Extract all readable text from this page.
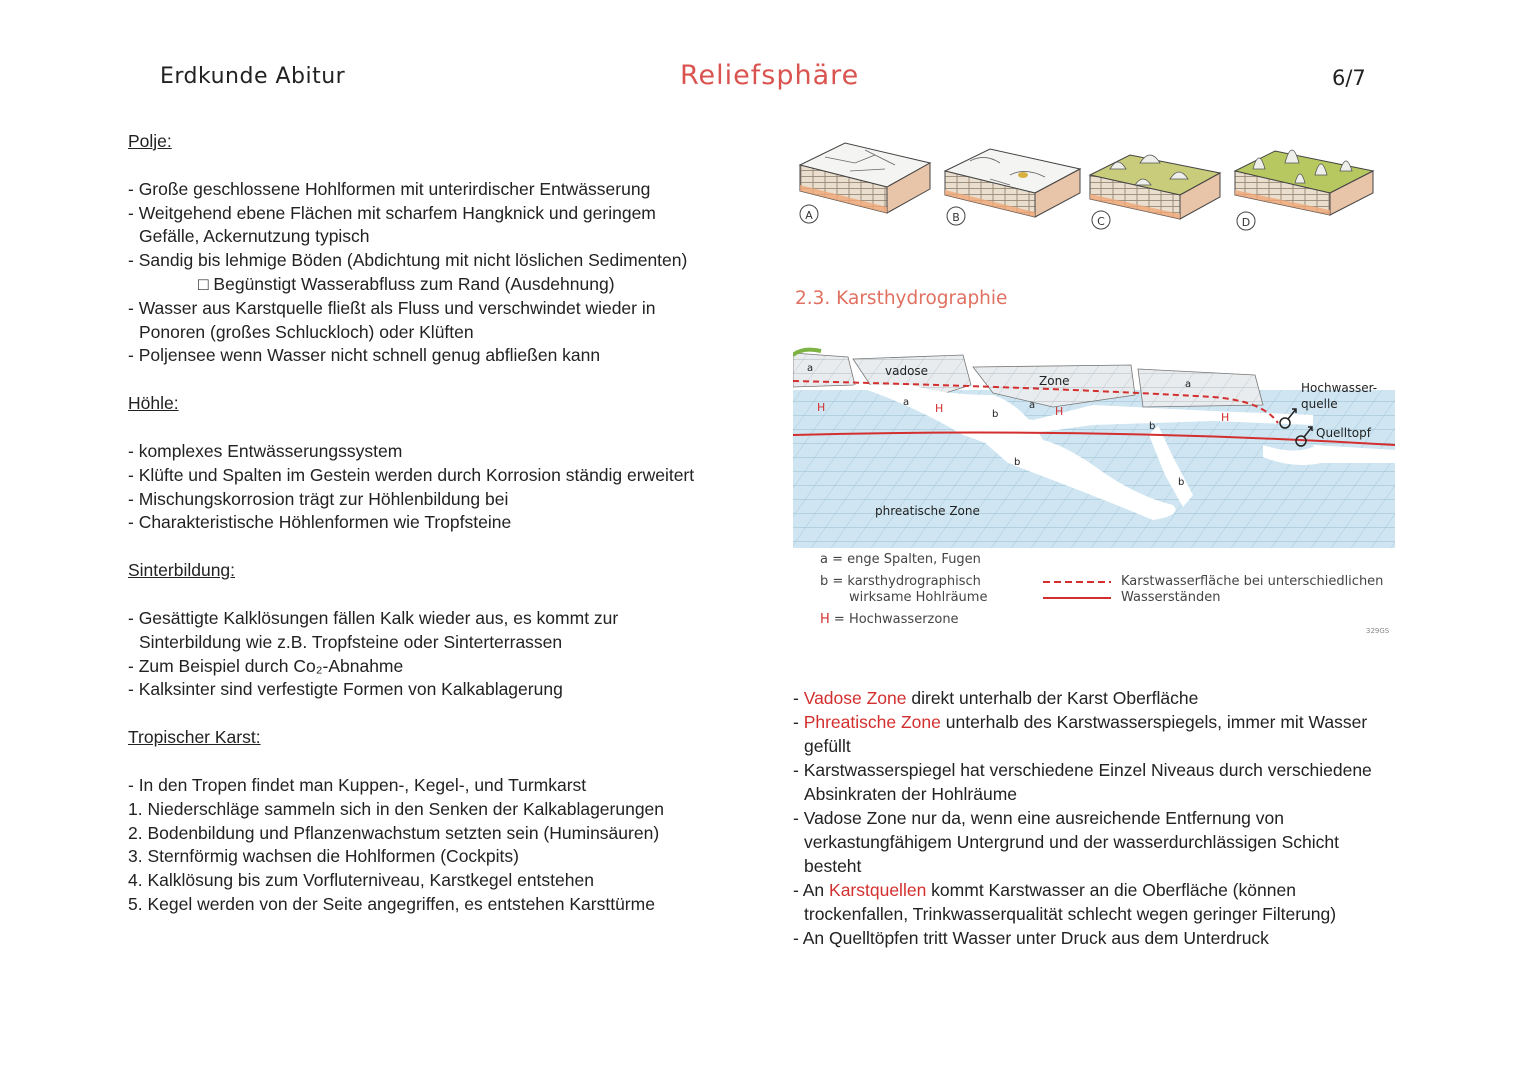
Erdkunde Abitur	Reliefsphäre	6/7

Polje:

- Große geschlossene Hohlformen mit unterirdischer Entwässerung
- Weitgehend ebene Flächen mit scharfem Hangknick und geringem
Gefälle, Ackernutzung typisch
- Sandig bis lehmige Böden (Abdichtung mit nicht löslichen Sedimenten)
□ Begünstigt Wasserabfluss zum Rand (Ausdehnung)
- Wasser aus Karstquelle fließt als Fluss und verschwindet wieder in
Ponoren (großes Schluckloch) oder Klüften
- Poljensee wenn Wasser nicht schnell genug abfließen kann

Höhle:

- komplexes Entwässerungssystem
- Klüfte und Spalten im Gestein werden durch Korrosion ständig erweitert
- Mischungskorrosion trägt zur Höhlenbildung bei
- Charakteristische Höhlenformen wie Tropfsteine

Sinterbildung:

- Gesättigte Kalklösungen fällen Kalk wieder aus, es kommt zur
Sinterbildung wie z.B. Tropfsteine oder Sinterterrassen
- Zum Beispiel durch Co₂-Abnahme
- Kalksinter sind verfestigte Formen von Kalkablagerung

Tropischer Karst:

- In den Tropen findet man Kuppen-, Kegel-, und Turmkarst
1. Niederschläge sammeln sich in den Senken der Kalkablagerungen
2. Bodenbildung und Pflanzenwachstum setzten sein (Huminsäuren)
3. Sternförmig wachsen die Hohlformen (Cockpits)
4. Kalklösung bis zum Vorfluterniveau, Karstkegel entstehen
5. Kegel werden von der Seite angegriffen, es entstehen Karsttürme
A	B	C	D
2.3. Karsthydrographie
vadose
Zone
phreatische Zone
a
a	a
a
b
b
b
b
H	H	H	H
Hochwasser-
quelle
Quelltopf
a = enge Spalten, Fugen
b = karsthydrographisch
wirksame Hohlräume
H = Hochwasserzone
Karstwasserfläche bei unterschiedlichen
Wasserständen
329GS
- Vadose Zone direkt unterhalb der Karst Oberfläche
- Phreatische Zone unterhalb des Karstwasserspiegels, immer mit Wasser
gefüllt
- Karstwasserspiegel hat verschiedene Einzel Niveaus durch verschiedene
Absinkraten der Hohlräume
- Vadose Zone nur da, wenn eine ausreichende Entfernung von
verkastungfähigem Untergrund und der wasserdurchlässigen Schicht
besteht
- An Karstquellen kommt Karstwasser an die Oberfläche (können
trockenfallen, Trinkwasserqualität schlecht wegen geringer Filterung)
- An Quelltöpfen tritt Wasser unter Druck aus dem Unterdruck
